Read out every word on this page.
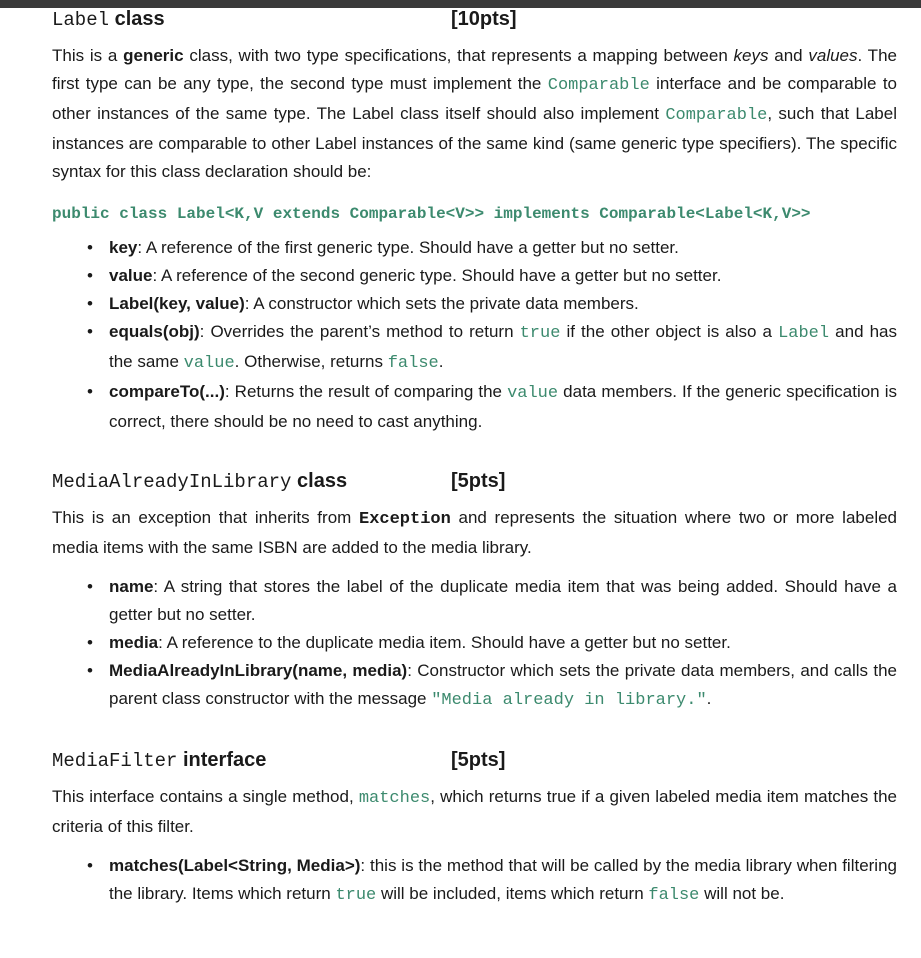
Label class	[10pts]

This is a generic class, with two type specifications, that represents a mapping between keys and values. The first type can be any type, the second type must implement the Comparable interface and be comparable to other instances of the same type. The Label class itself should also implement Comparable, such that Label instances are comparable to other Label instances of the same kind (same generic type specifiers). The specific syntax for this class declaration should be:

public class Label<K,V extends Comparable<V>> implements Comparable<Label<K,V>>
• key: A reference of the first generic type. Should have a getter but no setter.
• value: A reference of the second generic type. Should have a getter but no setter.
• Label(key, value): A constructor which sets the private data members.
• equals(obj): Overrides the parent’s method to return true if the other object is also a Label and has the same value. Otherwise, returns false.
• compareTo(...): Returns the result of comparing the value data members. If the generic specification is correct, there should be no need to cast anything.
MediaAlreadyInLibrary class	[5pts]

This is an exception that inherits from Exception and represents the situation where two or more labeled media items with the same ISBN are added to the media library.

• name: A string that stores the label of the duplicate media item that was being added. Should have a getter but no setter.
• media: A reference to the duplicate media item. Should have a getter but no setter.
• MediaAlreadyInLibrary(name, media): Constructor which sets the private data members, and calls the parent class constructor with the message "Media already in library.".
MediaFilter interface	[5pts]

This interface contains a single method, matches, which returns true if a given labeled media item matches the criteria of this filter.

• matches(Label<String, Media>): this is the method that will be called by the media library when filtering the library. Items which return true will be included, items which return false will not be.
